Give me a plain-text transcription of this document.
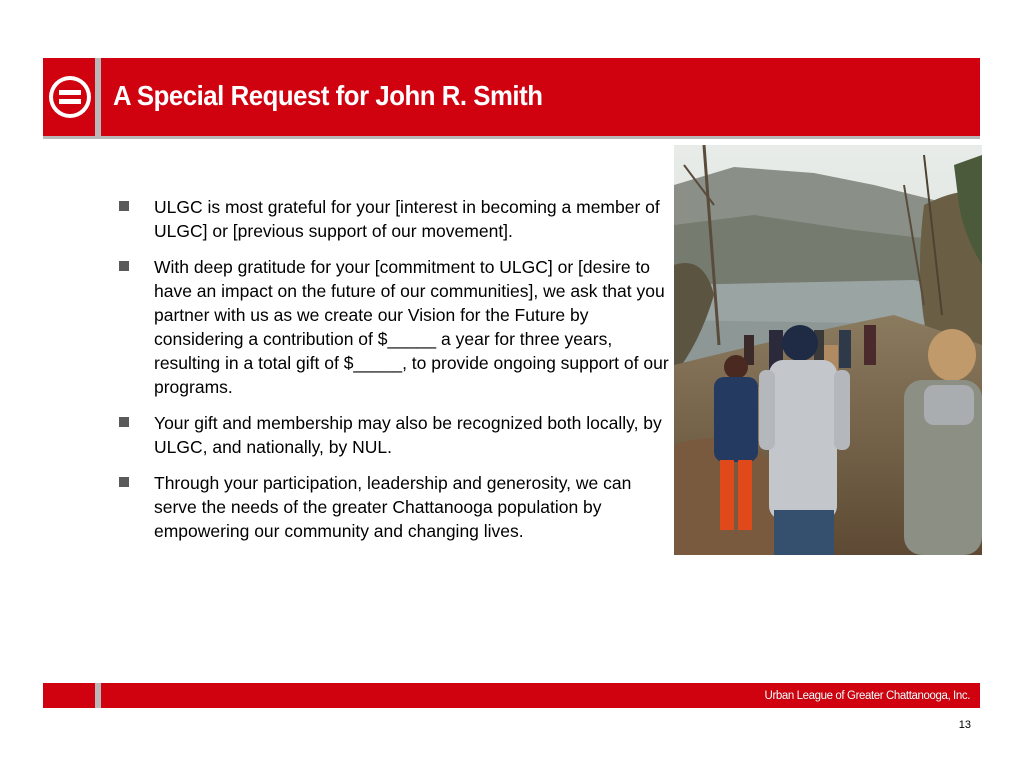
A Special Request for John R. Smith
ULGC is most grateful for your [interest in becoming a member of ULGC] or [previous support of our movement].
With deep gratitude for your [commitment to ULGC] or [desire to have an impact on the future of our communities], we ask that you partner with us as we create our Vision for the Future by considering a contribution of $_____ a year for three years, resulting in a total gift of $_____, to provide ongoing support of our programs.
Your gift and membership may also be recognized both locally, by ULGC, and nationally, by NUL.
Through your participation, leadership and generosity, we can serve the needs of the greater Chattanooga population by empowering our community and changing lives.
Urban League of Greater Chattanooga, Inc.
13
